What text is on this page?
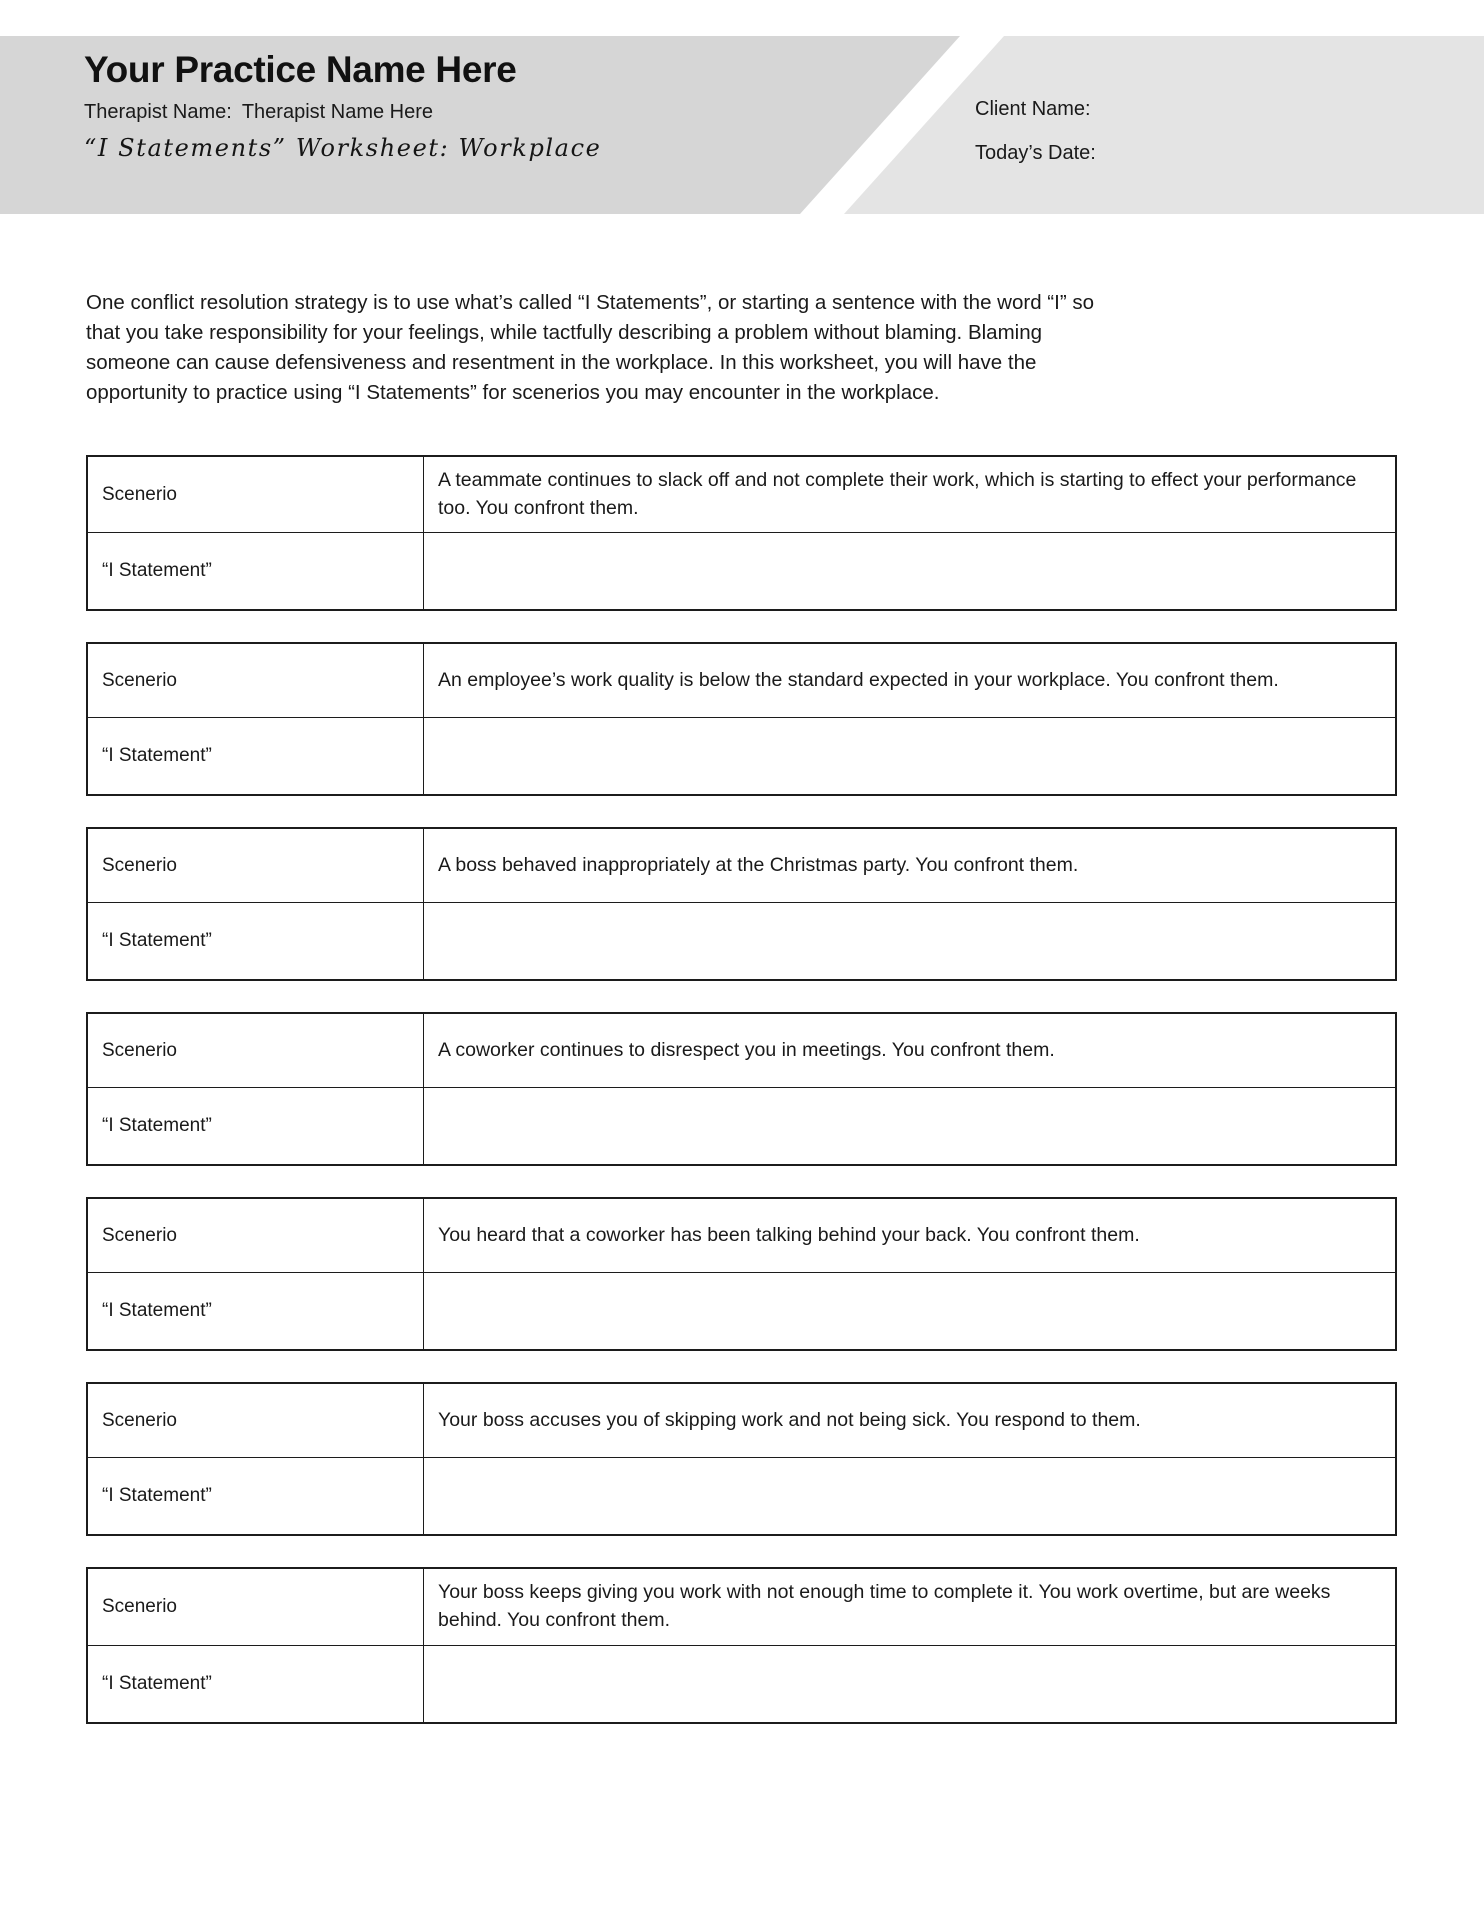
Your Practice Name Here
Therapist Name: Therapist Name Here
“I Statements” Worksheet: Workplace
Client Name:
Today’s Date:
One conflict resolution strategy is to use what’s called “I Statements”, or starting a sentence with the word “I” so that you take responsibility for your feelings, while tactfully describing a problem without blaming. Blaming someone can cause defensiveness and resentment in the workplace. In this worksheet, you will have the opportunity to practice using “I Statements” for scenerios you may encounter in the workplace.
Scenerio	A teammate continues to slack off and not complete their work, which is starting to effect your performance too. You confront them.
“I Statement”	
Scenerio	An employee’s work quality is below the standard expected in your workplace. You confront them.
“I Statement”	
Scenerio	A boss behaved inappropriately at the Christmas party. You confront them.
“I Statement”	
Scenerio	A coworker continues to disrespect you in meetings. You confront them.
“I Statement”	
Scenerio	You heard that a coworker has been talking behind your back. You confront them.
“I Statement”	
Scenerio	Your boss accuses you of skipping work and not being sick. You respond to them.
“I Statement”	
Scenerio	Your boss keeps giving you work with not enough time to complete it. You work overtime, but are weeks behind. You confront them.
“I Statement”	
